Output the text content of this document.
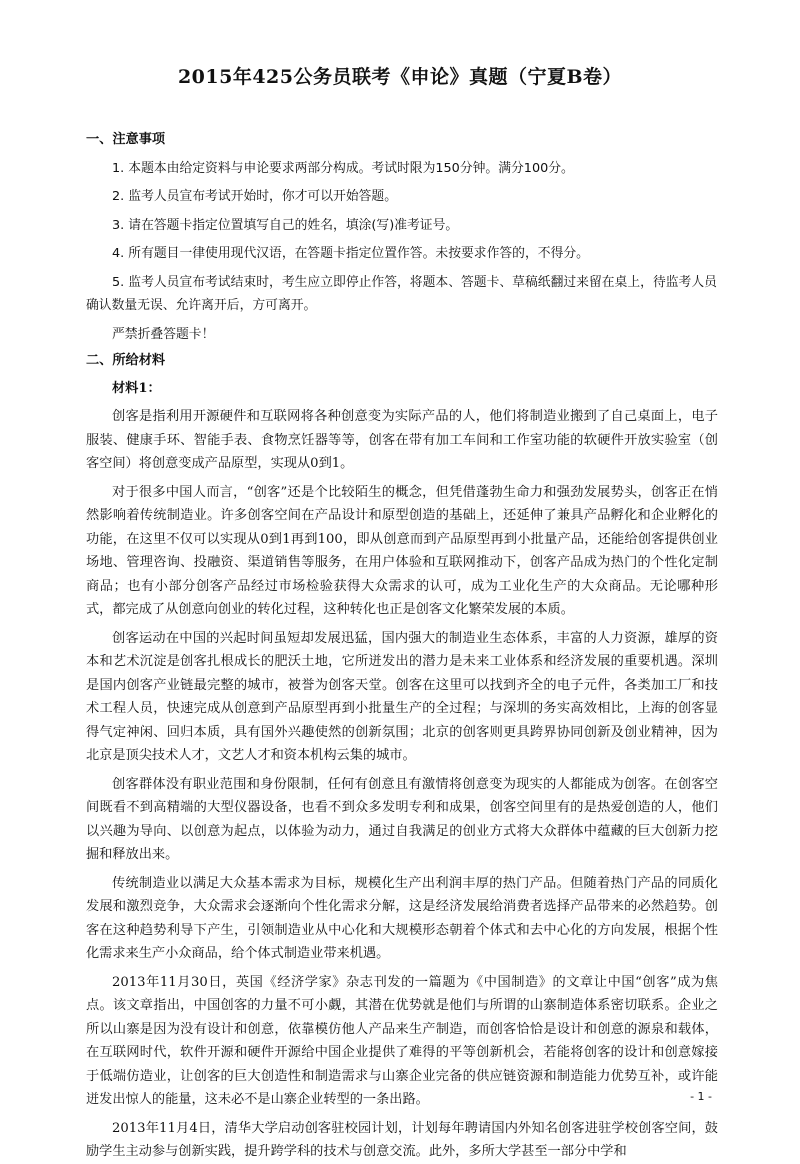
2015年425公务员联考《申论》真题（宁夏B卷）
一、注意事项
1. 本题本由给定资料与申论要求两部分构成。考试时限为150分钟。满分100分。
2. 监考人员宣布考试开始时，你才可以开始答题。
3. 请在答题卡指定位置填写自己的姓名，填涂(写)准考证号。
4. 所有题目一律使用现代汉语，在答题卡指定位置作答。未按要求作答的，不得分。
5. 监考人员宣布考试结束时，考生应立即停止作答，将题本、答题卡、草稿纸翻过来留在桌上，待监考人员确认数量无误、允许离开后，方可离开。
严禁折叠答题卡！
二、所给材料
材料1：

创客是指利用开源硬件和互联网将各种创意变为实际产品的人，他们将制造业搬到了自己桌面上，电子服装、健康手环、智能手表、食物烹饪器等等，创客在带有加工车间和工作室功能的软硬件开放实验室（创客空间）将创意变成产品原型，实现从0到1。

对于很多中国人而言，“创客”还是个比较陌生的概念，但凭借蓬勃生命力和强劲发展势头，创客正在悄然影响着传统制造业。许多创客空间在产品设计和原型创造的基础上，还延伸了兼具产品孵化和企业孵化的功能，在这里不仅可以实现从0到1再到100，即从创意而到产品原型再到小批量产品，还能给创客提供创业场地、管理咨询、投融资、渠道销售等服务，在用户体验和互联网推动下，创客产品成为热门的个性化定制商品；也有小部分创客产品经过市场检验获得大众需求的认可，成为工业化生产的大众商品。无论哪种形式，都完成了从创意向创业的转化过程，这种转化也正是创客文化繁荣发展的本质。

创客运动在中国的兴起时间虽短却发展迅猛，国内强大的制造业生态体系，丰富的人力资源，雄厚的资本和艺术沉淀是创客扎根成长的肥沃土地，它所迸发出的潜力是未来工业体系和经济发展的重要机遇。深圳是国内创客产业链最完整的城市，被誉为创客天堂。创客在这里可以找到齐全的电子元件，各类加工厂和技术工程人员，快速完成从创意到产品原型再到小批量生产的全过程；与深圳的务实高效相比，上海的创客显得气定神闲、回归本质，具有国外兴趣使然的创新氛围；北京的创客则更具跨界协同创新及创业精神，因为北京是顶尖技术人才，文艺人才和资本机构云集的城市。

创客群体没有职业范围和身份限制，任何有创意且有激情将创意变为现实的人都能成为创客。在创客空间既看不到高精端的大型仪器设备，也看不到众多发明专利和成果，创客空间里有的是热爱创造的人，他们以兴趣为导向、以创意为起点，以体验为动力，通过自我满足的创业方式将大众群体中蕴藏的巨大创新力挖掘和释放出来。

传统制造业以满足大众基本需求为目标，规模化生产出利润丰厚的热门产品。但随着热门产品的同质化发展和激烈竞争，大众需求会逐渐向个性化需求分解，这是经济发展给消费者选择产品带来的必然趋势。创客在这种趋势利导下产生，引领制造业从中心化和大规模形态朝着个体式和去中心化的方向发展，根据个性化需求来生产小众商品，给个体式制造业带来机遇。

2013年11月30日，英国《经济学家》杂志刊发的一篇题为《中国制造》的文章让中国“创客”成为焦点。该文章指出，中国创客的力量不可小觑，其潜在优势就是他们与所谓的山寨制造体系密切联系。企业之所以山寨是因为没有设计和创意，依靠模仿他人产品来生产制造，而创客恰恰是设计和创意的源泉和载体，在互联网时代，软件开源和硬件开源给中国企业提供了难得的平等创新机会，若能将创客的设计和创意嫁接于低端仿造业，让创客的巨大创造性和制造需求与山寨企业完备的供应链资源和制造能力优势互补，或许能迸发出惊人的能量，这未必不是山寨企业转型的一条出路。

2013年11月4日，清华大学启动创客驻校园计划，计划每年聘请国内外知名创客进驻学校创客空间，鼓励学生主动参与创新实践，提升跨学科的技术与创意交流。此外，多所大学甚至一部分中学和

- 1 -
